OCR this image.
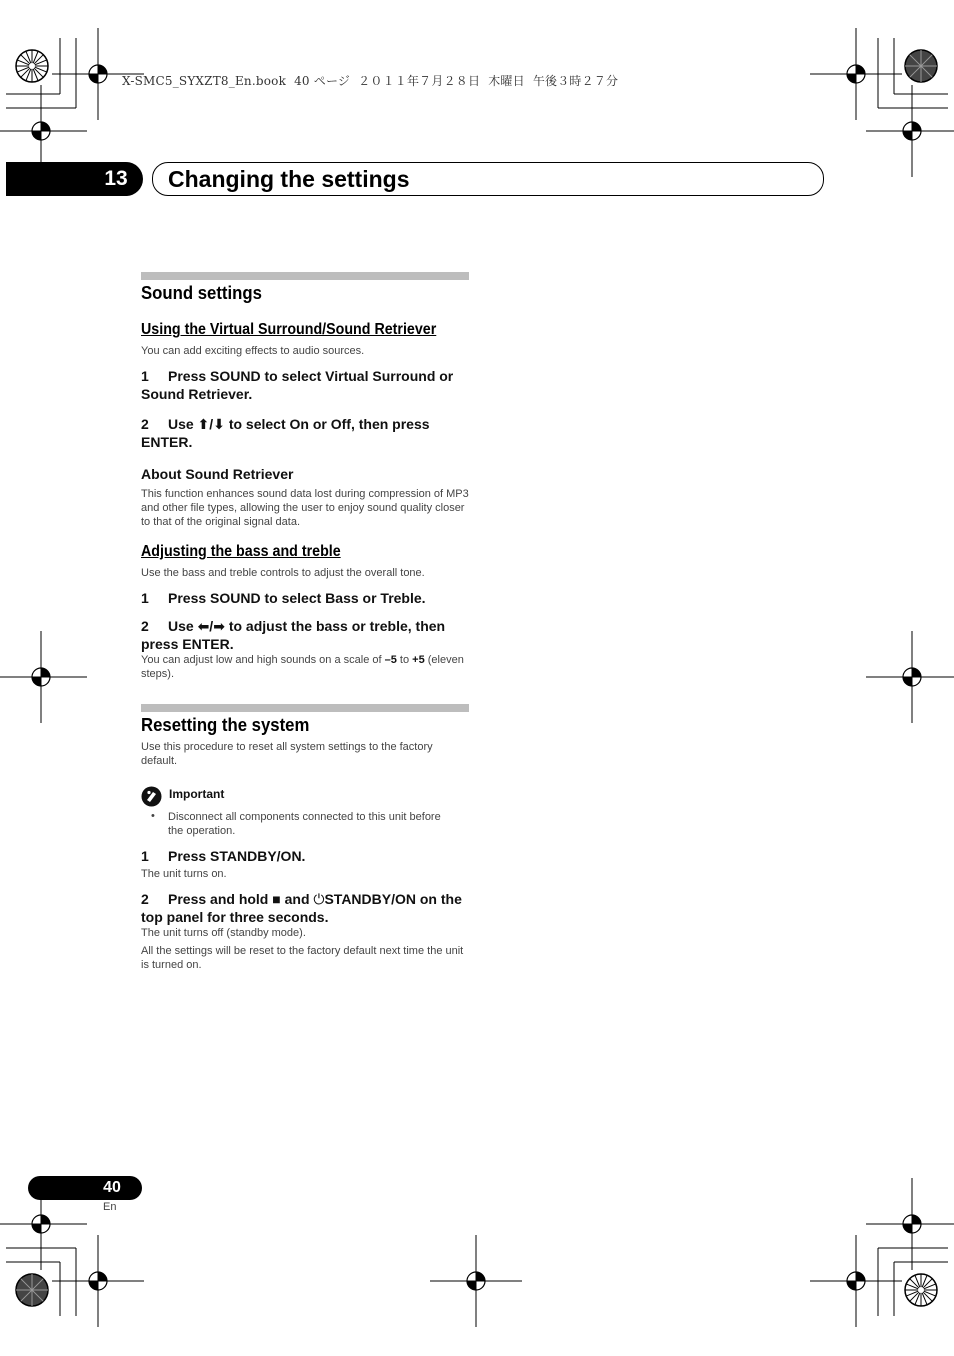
X-SMC5_SYXZT8_En.book  40 ページ  ２０１１年７月２８日  木曜日  午後３時２７分
13	Changing the settings
Sound settings
Using the Virtual Surround/Sound Retriever
You can add exciting effects to audio sources.
1 Press SOUND to select Virtual Surround or Sound Retriever.
2 Use ⬆/⬇ to select On or Off, then press ENTER.
About Sound Retriever
This function enhances sound data lost during compression of MP3 and other file types, allowing the user to enjoy sound quality closer to that of the original signal data.
Adjusting the bass and treble
Use the bass and treble controls to adjust the overall tone.
1 Press SOUND to select Bass or Treble.
2 Use ⬅/➡ to adjust the bass or treble, then press ENTER.
You can adjust low and high sounds on a scale of –5 to +5 (eleven steps).
Resetting the system
Use this procedure to reset all system settings to the factory default.
Important
• Disconnect all components connected to this unit before the operation.
1 Press STANDBY/ON.
The unit turns on.
2 Press and hold ■ and ⏻STANDBY/ON on the top panel for three seconds.
The unit turns off (standby mode).
All the settings will be reset to the factory default next time the unit is turned on.
40
En
